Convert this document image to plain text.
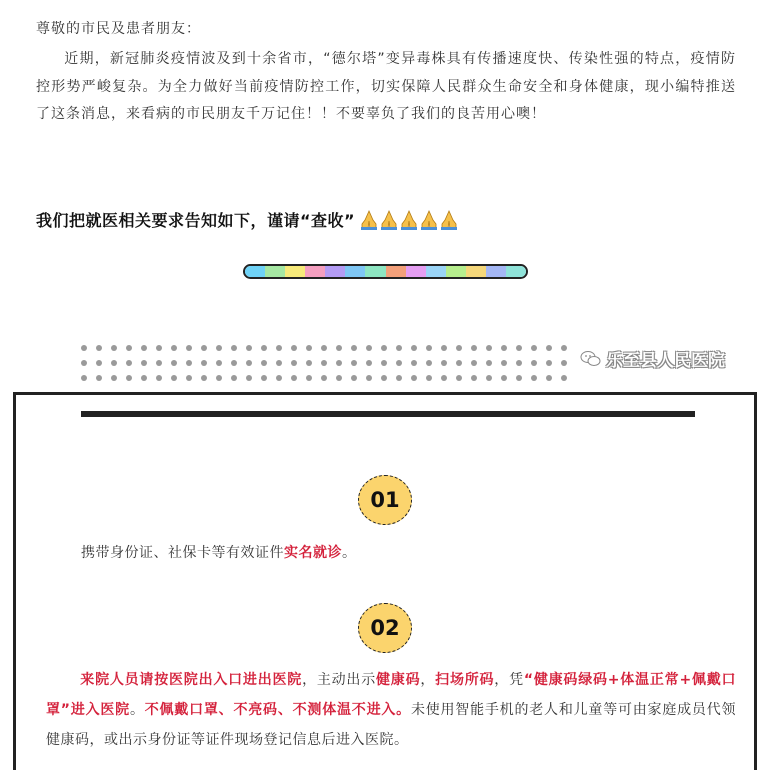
尊敬的市民及患者朋友：
近期，新冠肺炎疫情波及到十余省市，“德尔塔”变异毒株具有传播速度快、传染性强的特点，疫情防控形势严峻复杂。为全力做好当前疫情防控工作，切实保障人民群众生命安全和身体健康，现小编特推送了这条消息，来看病的市民朋友千万记住！！不要辜负了我们的良苦用心噢！
我们把就医相关要求告知如下，谨请“查收”
乐至县人民医院
01
携带身份证、社保卡等有效证件实名就诊。
02
来院人员请按医院出入口进出医院，主动出示健康码，扫场所码，凭“健康码绿码+体温正常+佩戴口罩”进入医院。不佩戴口罩、不亮码、不测体温不进入。未使用智能手机的老人和儿童等可由家庭成员代领健康码，或出示身份证等证件现场登记信息后进入医院。
